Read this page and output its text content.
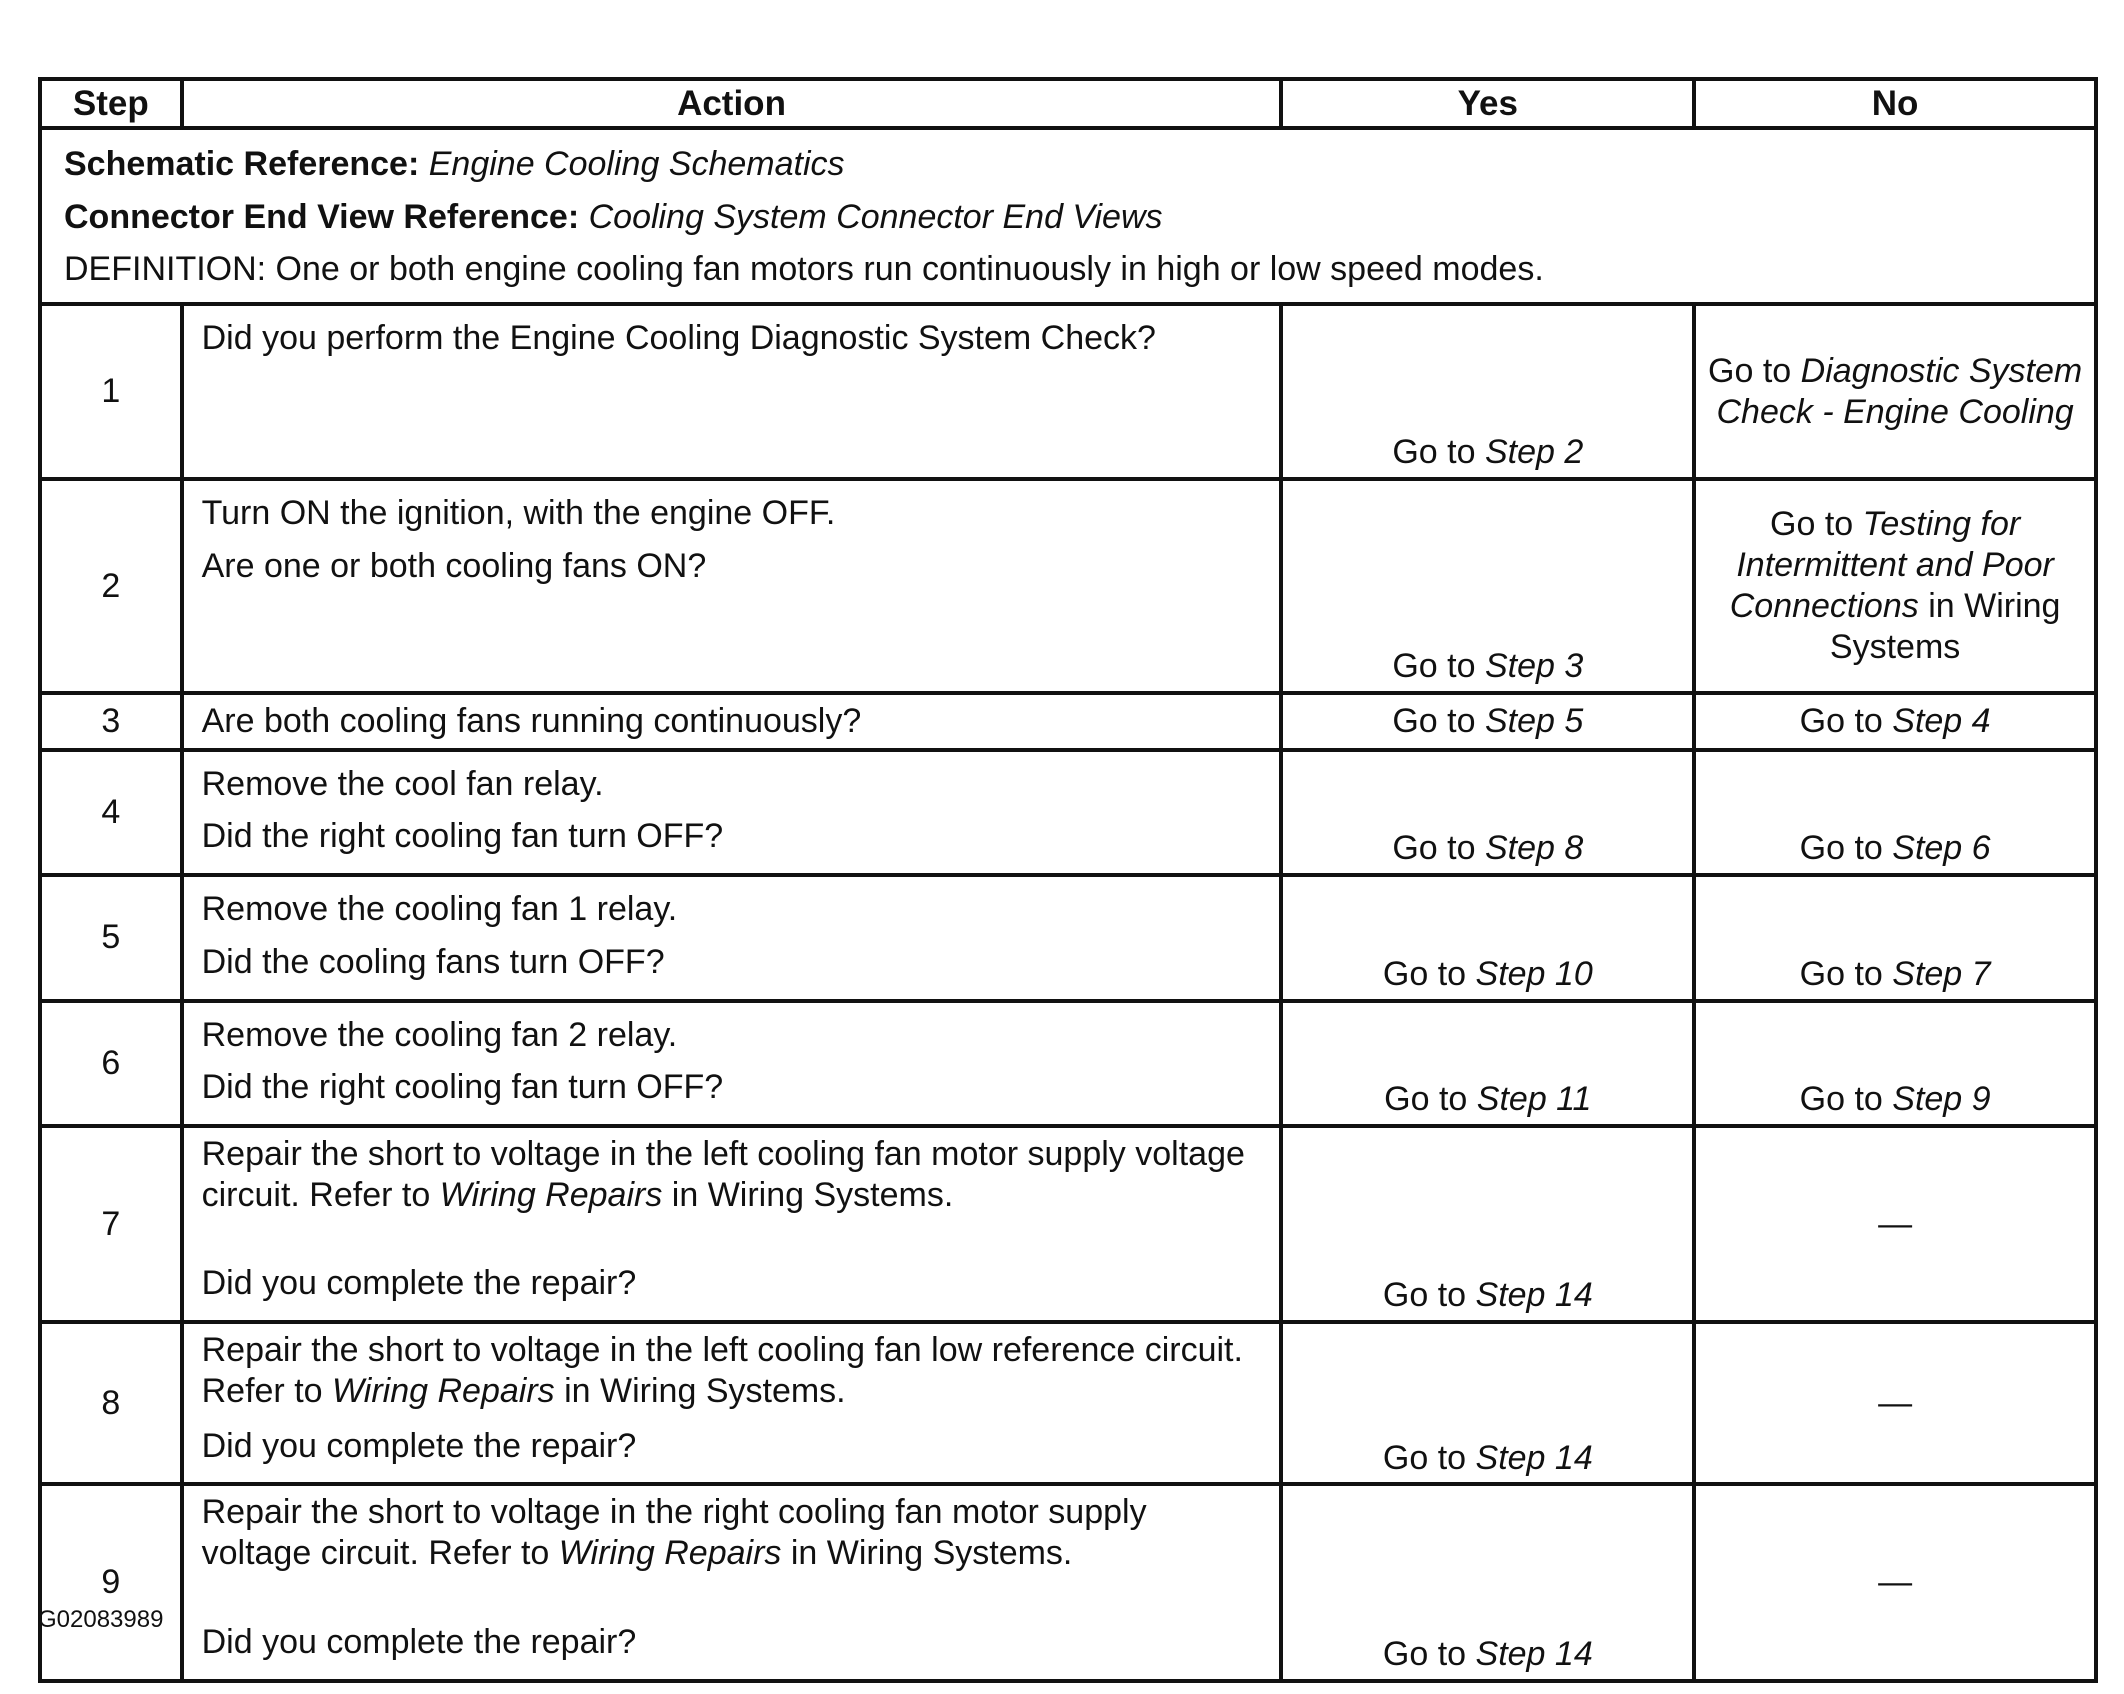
Step	Action	Yes	No

Schematic Reference: Engine Cooling Schematics
Connector End View Reference: Cooling System Connector End Views
DEFINITION: One or both engine cooling fan motors run continuously in high or low speed modes.			

1	Did you perform the Engine Cooling Diagnostic System Check?	Go to Step 2	Go to Diagnostic System Check - Engine Cooling

2	Turn ON the ignition, with the engine OFF.
Are one or both cooling fans ON?	Go to Step 3	Go to Testing for Intermittent and Poor Connections in Wiring Systems

3	Are both cooling fans running continuously?	Go to Step 5	Go to Step 4
4	Remove the cool fan relay.
Did the right cooling fan turn OFF?	Go to Step 8	Go to Step 6
5	Remove the cooling fan 1 relay.
Did the cooling fans turn OFF?	Go to Step 10	Go to Step 7
6	Remove the cooling fan 2 relay.
Did the right cooling fan turn OFF?	Go to Step 11	Go to Step 9
7	Repair the short to voltage in the left cooling fan motor supply voltage circuit. Refer to Wiring Repairs in Wiring Systems.
Did you complete the repair?	Go to Step 14	—
8	Repair the short to voltage in the left cooling fan low reference circuit. Refer to Wiring Repairs in Wiring Systems.
Did you complete the repair?	Go to Step 14	—
9	Repair the short to voltage in the right cooling fan motor supply voltage circuit. Refer to Wiring Repairs in Wiring Systems.
Did you complete the repair?	Go to Step 14	—
G02083989
